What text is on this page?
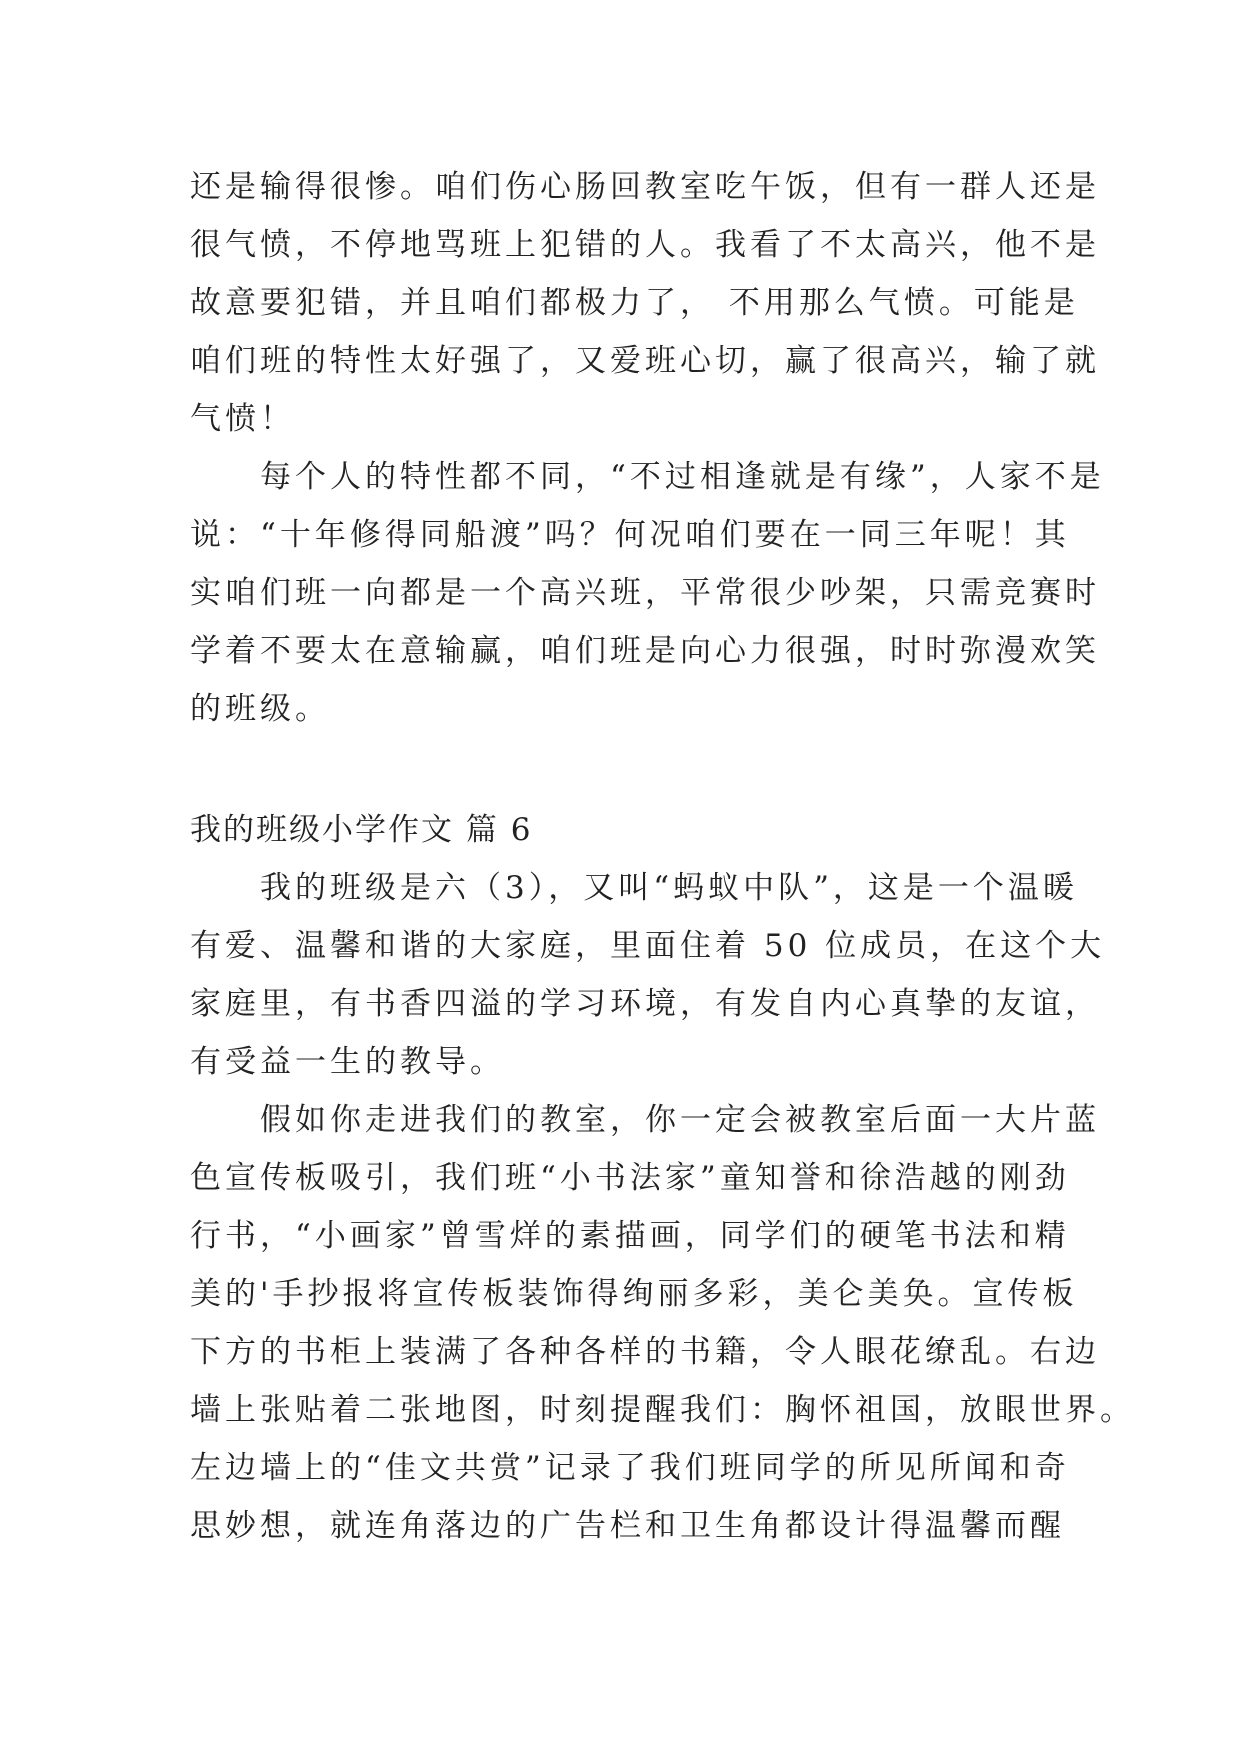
还是输得很惨。咱们伤心肠回教室吃午饭，但有一群人还是
很气愤，不停地骂班上犯错的人。我看了不太高兴，他不是
故意要犯错，并且咱们都极力了， 不用那么气愤。可能是
咱们班的特性太好强了，又爱班心切，赢了很高兴，输了就
气愤！
每个人的特性都不同，“不过相逢就是有缘”，人家不是
说：“十年修得同船渡”吗？何况咱们要在一同三年呢！其
实咱们班一向都是一个高兴班，平常很少吵架，只需竞赛时
学着不要太在意输赢，咱们班是向心力很强，时时弥漫欢笑
的班级。
我的班级小学作文 篇 6
我的班级是六（3），又叫“蚂蚁中队”，这是一个温暖
有爱、温馨和谐的大家庭，里面住着 50 位成员，在这个大
家庭里，有书香四溢的学习环境，有发自内心真挚的友谊，
有受益一生的教导。
假如你走进我们的教室，你一定会被教室后面一大片蓝
色宣传板吸引，我们班“小书法家”童知誉和徐浩越的刚劲
行书，“小画家”曾雪烊的素描画，同学们的硬笔书法和精
美的'手抄报将宣传板装饰得绚丽多彩，美仑美奂。宣传板
下方的书柜上装满了各种各样的书籍，令人眼花缭乱。右边
墙上张贴着二张地图，时刻提醒我们：胸怀祖国，放眼世界。
左边墙上的“佳文共赏”记录了我们班同学的所见所闻和奇
思妙想，就连角落边的广告栏和卫生角都设计得温馨而醒
